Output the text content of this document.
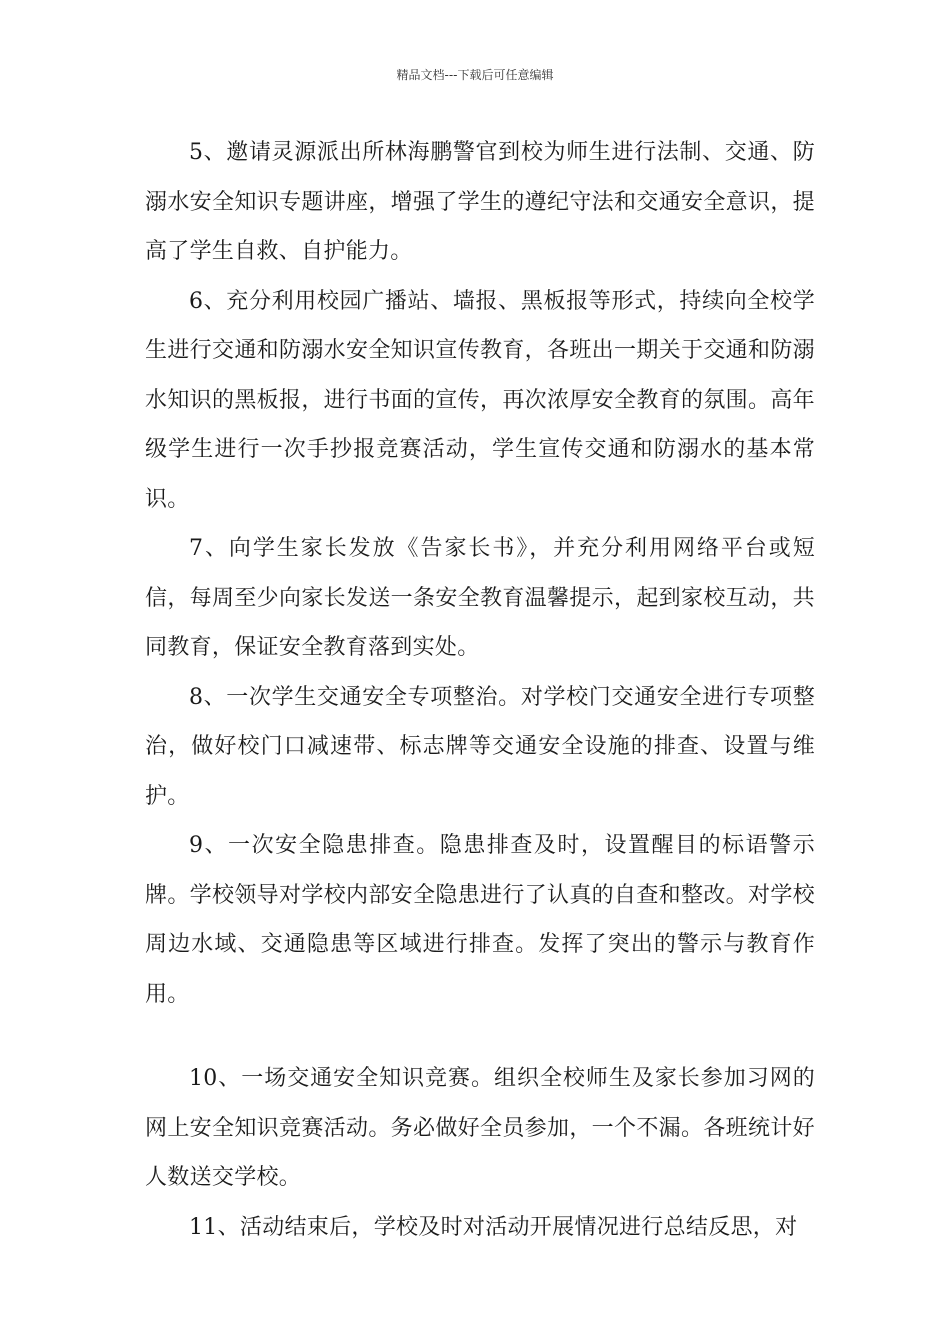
精品文档---下载后可任意编辑

5、邀请灵源派出所林海鹏警官到校为师生进行法制、交通、防溺水安全知识专题讲座，增强了学生的遵纪守法和交通安全意识，提高了学生自救、自护能力。

6、充分利用校园广播站、墙报、黑板报等形式，持续向全校学生进行交通和防溺水安全知识宣传教育，各班出一期关于交通和防溺水知识的黑板报，进行书面的宣传，再次浓厚安全教育的氛围。高年级学生进行一次手抄报竞赛活动，学生宣传交通和防溺水的基本常识。

7、向学生家长发放《告家长书》，并充分利用网络平台或短信，每周至少向家长发送一条安全教育温馨提示，起到家校互动，共同教育，保证安全教育落到实处。

8、一次学生交通安全专项整治。对学校门交通安全进行专项整治，做好校门口减速带、标志牌等交通安全设施的排查、设置与维护。

9、一次安全隐患排查。隐患排查及时，设置醒目的标语警示牌。学校领导对学校内部安全隐患进行了认真的自查和整改。对学校周边水域、交通隐患等区域进行排查。发挥了突出的警示与教育作用。

10、一场交通安全知识竞赛。组织全校师生及家长参加习网的网上安全知识竞赛活动。务必做好全员参加，一个不漏。各班统计好人数送交学校。

11、活动结束后，学校及时对活动开展情况进行总结反思，对
